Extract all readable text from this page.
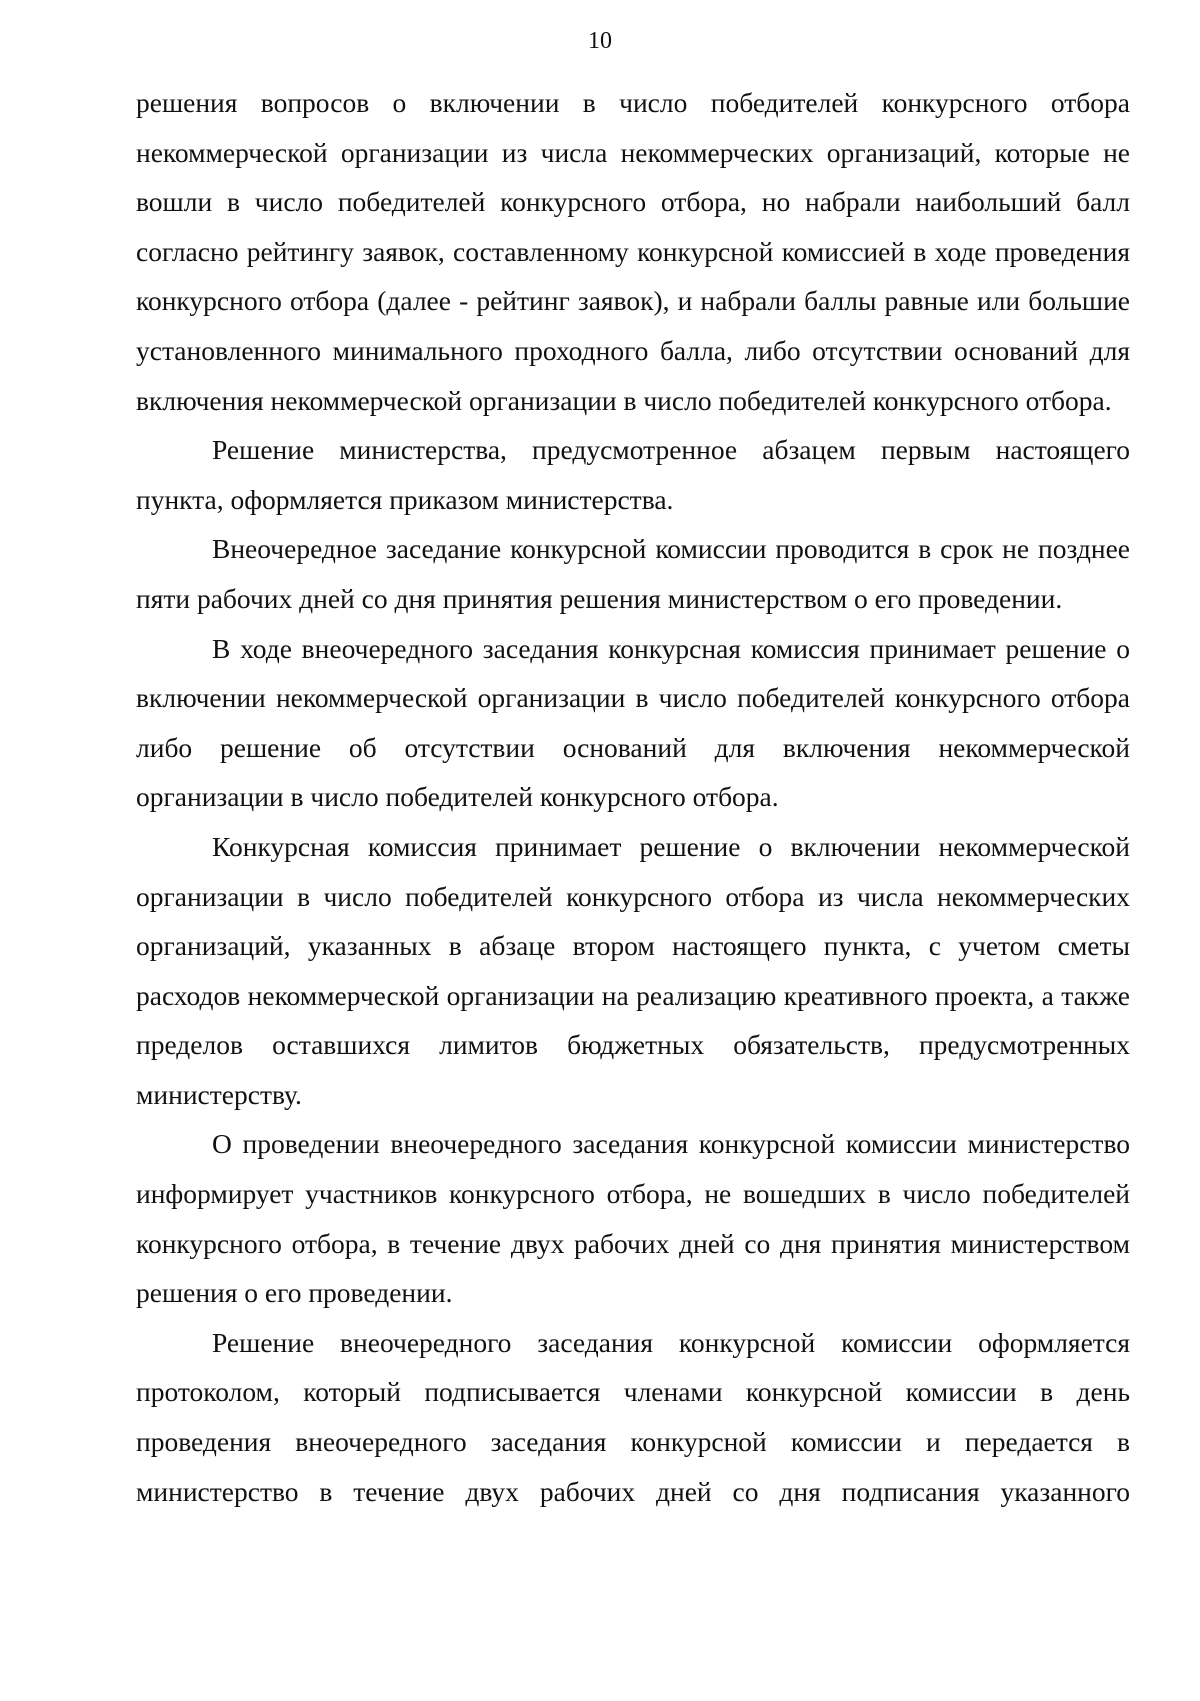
10

решения вопросов о включении в число победителей конкурсного отбора некоммерческой организации из числа некоммерческих организаций, которые не вошли в число победителей конкурсного отбора, но набрали наибольший балл согласно рейтингу заявок, составленному конкурсной комиссией в ходе проведения конкурсного отбора (далее - рейтинг заявок), и набрали баллы равные или большие установленного минимального проходного балла, либо отсутствии оснований для включения некоммерческой организации в число победителей конкурсного отбора.

Решение министерства, предусмотренное абзацем первым настоящего пункта, оформляется приказом министерства.

Внеочередное заседание конкурсной комиссии проводится в срок не позднее пяти рабочих дней со дня принятия решения министерством о его проведении.

В ходе внеочередного заседания конкурсная комиссия принимает решение о включении некоммерческой организации в число победителей конкурсного отбора либо решение об отсутствии оснований для включения некоммерческой организации в число победителей конкурсного отбора.

Конкурсная комиссия принимает решение о включении некоммерческой организации в число победителей конкурсного отбора из числа некоммерческих организаций, указанных в абзаце втором настоящего пункта, с учетом сметы расходов некоммерческой организации на реализацию креативного проекта, а также пределов оставшихся лимитов бюджетных обязательств, предусмотренных министерству.

О проведении внеочередного заседания конкурсной комиссии министерство информирует участников конкурсного отбора, не вошедших в число победителей конкурсного отбора, в течение двух рабочих дней со дня принятия министерством решения о его проведении.

Решение внеочередного заседания конкурсной комиссии оформляется протоколом, который подписывается членами конкурсной комиссии в день проведения внеочередного заседания конкурсной комиссии и передается в министерство в течение двух рабочих дней со дня подписания указанного
